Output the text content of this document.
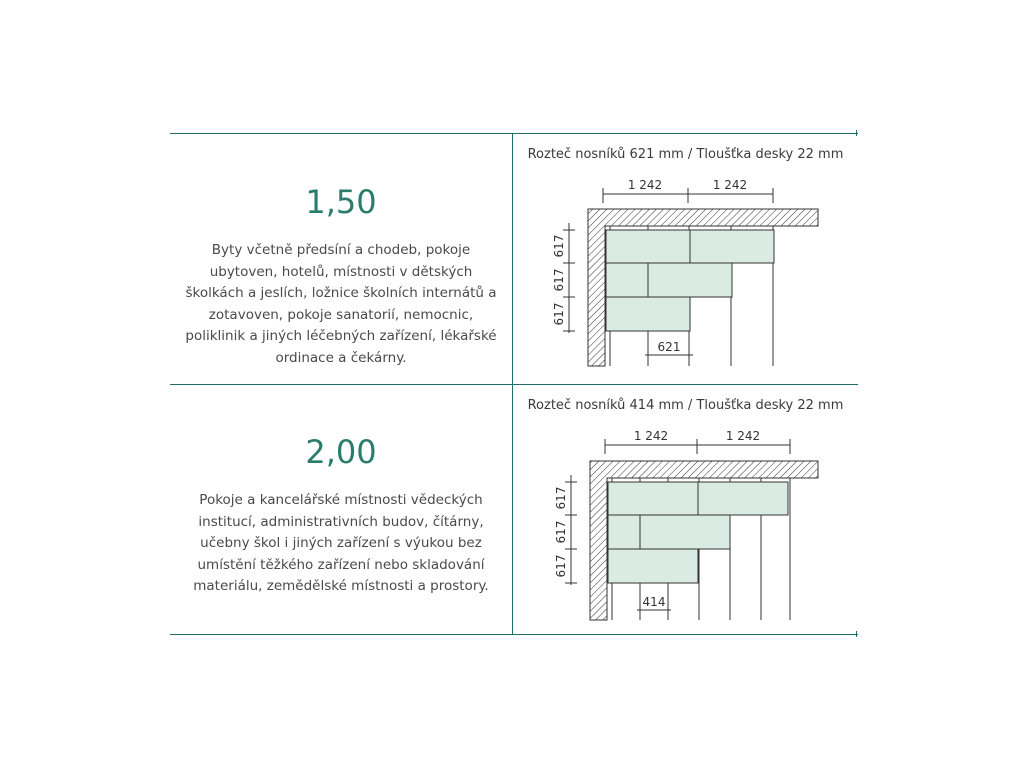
1,50
Byty včetně předsíní a chodeb, pokoje ubytoven, hotelů, místnosti v dětských školkách a jeslích, ložnice školních internátů a zotavoven, pokoje sanatorií, nemocnic, poliklinik a jiných léčebných zařízení, lékařské ordinace a čekárny.
Rozteč nosníků 621 mm / Tloušťka desky 22 mm
1 242	1 242
617
617
617
621
2,00
Pokoje a kancelářské místnosti vědeckých institucí, administrativních budov, čítárny, učebny škol i jiných zařízení s výukou bez umístění těžkého zařízení nebo skladování materiálu, zemědělské místnosti a prostory.
Rozteč nosníků 414 mm / Tloušťka desky 22 mm
1 242	1 242
617
617
617
414
